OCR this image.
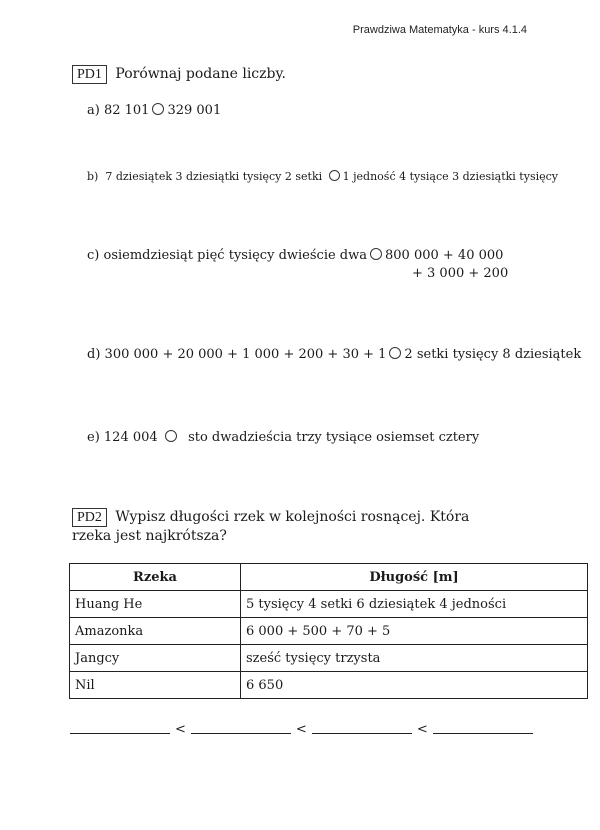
Prawdziwa Matematyka - kurs 4.1.4
PD1 Porównaj podane liczby.
a) 82 101 329 001
b) 7 dziesiątek 3 dziesiątki tysięcy 2 setki 1 jedność 4 tysiące 3 dziesiątki tysięcy
c) osiemdziesiąt pięć tysięcy dwieście dwa 800 000 + 40 000
+ 3 000 + 200
d) 300 000 + 20 000 + 1 000 + 200 + 30 + 1 2 setki tysięcy 8 dziesiątek
e) 124 004 sto dwadzieścia trzy tysiące osiemset cztery
PD2 Wypisz długości rzek w kolejności rosnącej. Która rzeka jest najkrótsza?
Rzeka	Długość [m]
Huang He	5 tysięcy 4 setki 6 dziesiątek 4 jedności
Amazonka	6 000 + 500 + 70 + 5
Jangcy	sześć tysięcy trzysta
Nil	6 650
<	<	<
